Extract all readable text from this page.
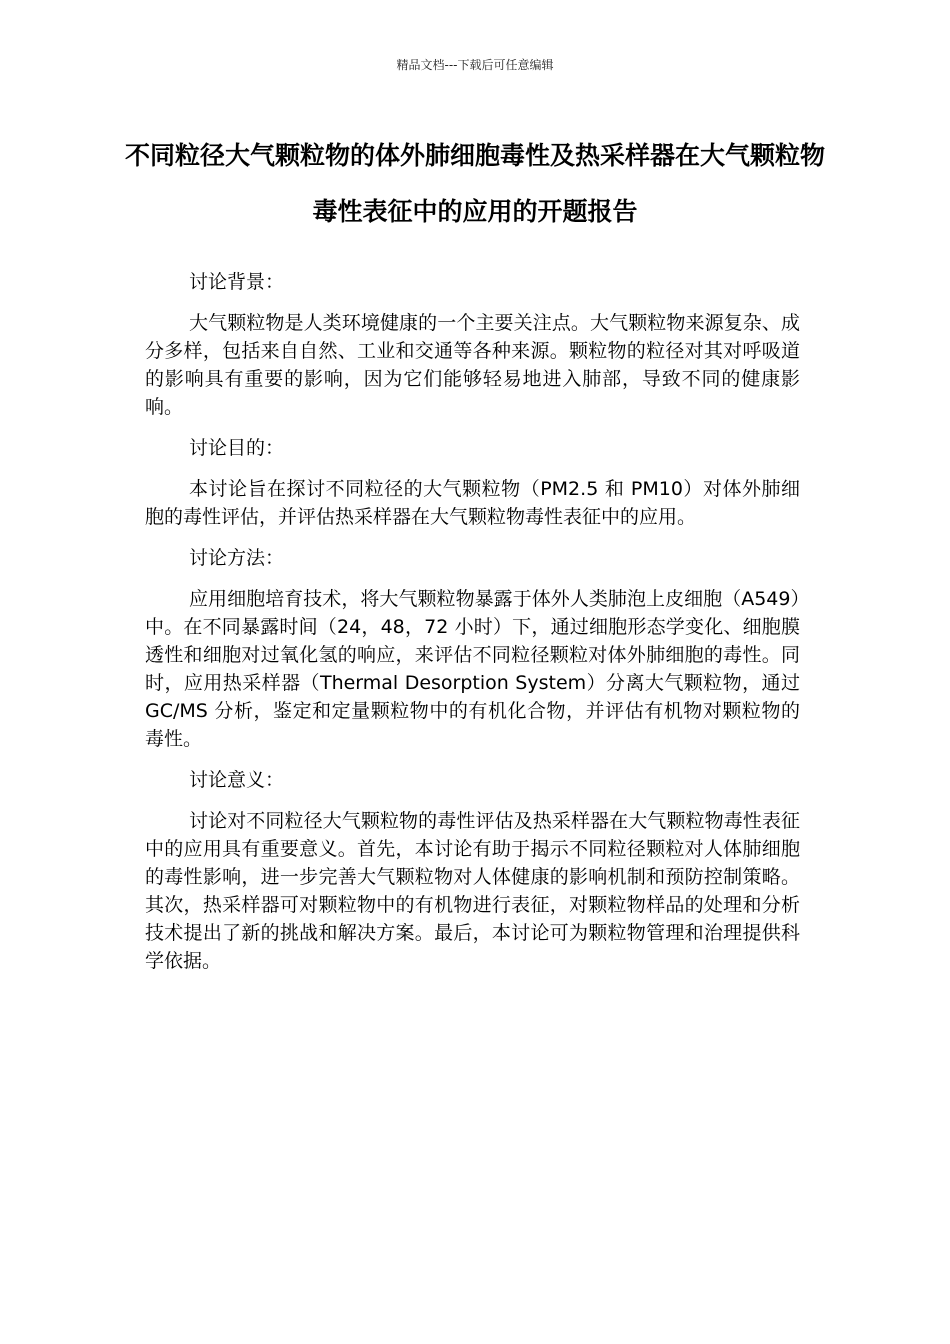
精品文档---下载后可任意编辑
不同粒径大气颗粒物的体外肺细胞毒性及热采样器在大气颗粒物毒性表征中的应用的开题报告

讨论背景：

大气颗粒物是人类环境健康的一个主要关注点。大气颗粒物来源复杂、成分多样，包括来自自然、工业和交通等各种来源。颗粒物的粒径对其对呼吸道的影响具有重要的影响，因为它们能够轻易地进入肺部，导致不同的健康影响。

讨论目的：

本讨论旨在探讨不同粒径的大气颗粒物（PM2.5 和 PM10）对体外肺细胞的毒性评估，并评估热采样器在大气颗粒物毒性表征中的应用。

讨论方法：

应用细胞培育技术，将大气颗粒物暴露于体外人类肺泡上皮细胞（A549）中。在不同暴露时间（24，48，72 小时）下，通过细胞形态学变化、细胞膜透性和细胞对过氧化氢的响应，来评估不同粒径颗粒对体外肺细胞的毒性。同时，应用热采样器（Thermal Desorption System）分离大气颗粒物，通过 GC/MS 分析，鉴定和定量颗粒物中的有机化合物，并评估有机物对颗粒物的毒性。

讨论意义：

讨论对不同粒径大气颗粒物的毒性评估及热采样器在大气颗粒物毒性表征中的应用具有重要意义。首先，本讨论有助于揭示不同粒径颗粒对人体肺细胞的毒性影响，进一步完善大气颗粒物对人体健康的影响机制和预防控制策略。其次，热采样器可对颗粒物中的有机物进行表征，对颗粒物样品的处理和分析技术提出了新的挑战和解决方案。最后，本讨论可为颗粒物管理和治理提供科学依据。
